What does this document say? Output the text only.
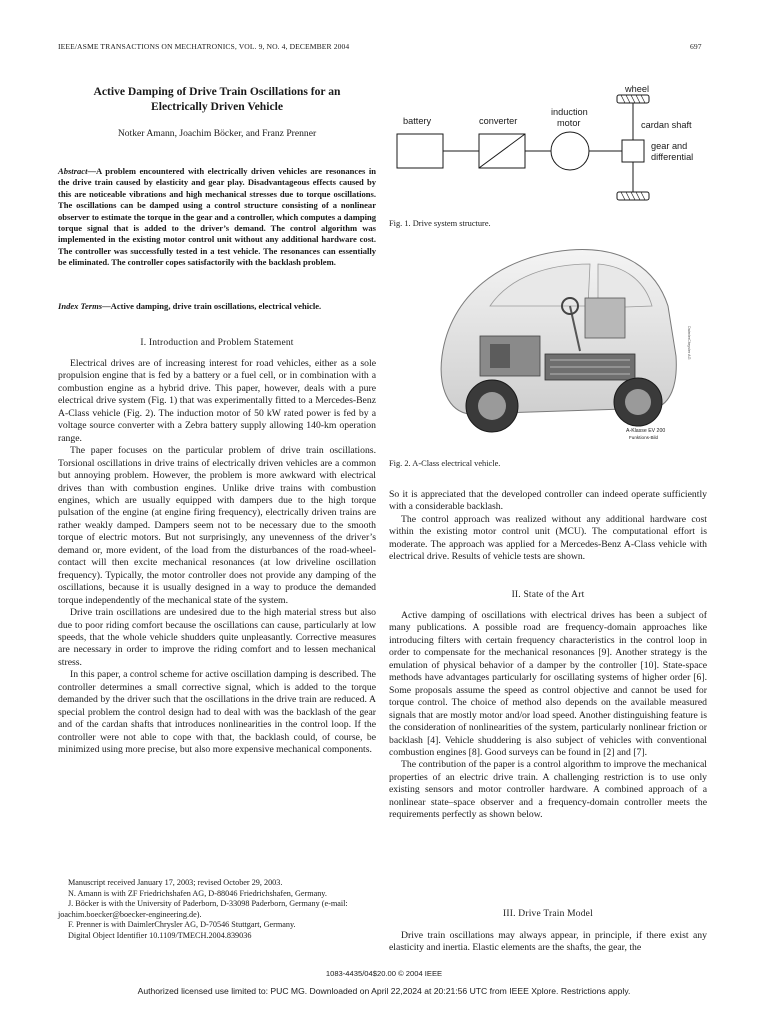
IEEE/ASME TRANSACTIONS ON MECHATRONICS, VOL. 9, NO. 4, DECEMBER 2004	697
Active Damping of Drive Train Oscillations for an
Electrically Driven Vehicle
Notker Amann, Joachim Böcker, and Franz Prenner
Abstract—A problem encountered with electrically driven vehicles are resonances in the drive train caused by elasticity and gear play. Disadvantageous effects caused by this are noticeable vibrations and high mechanical stresses due to torque oscillations. The oscillations can be damped using a control structure consisting of a nonlinear observer to estimate the torque in the gear and a controller, which computes a damping torque signal that is added to the driver’s demand. The control algorithm was implemented in the existing motor control unit without any additional hardware cost. The controller was successfully tested in a test vehicle. The resonances can essentially be eliminated. The controller copes satisfactorily with the backlash problem.
Index Terms—Active damping, drive train oscillations, electrical vehicle.
I. Introduction and Problem Statement

Electrical drives are of increasing interest for road vehicles, either as a sole propulsion engine that is fed by a battery or a fuel cell, or in combination with a combustion engine as a hybrid drive. This paper, however, deals with a pure electrical drive system (Fig. 1) that was experimentally fitted to a Mercedes-Benz A-Class vehicle (Fig. 2). The induction motor of 50 kW rated power is fed by a voltage source converter with a Zebra battery supply allowing 140-km operation range.

The paper focuses on the particular problem of drive train oscillations. Torsional oscillations in drive trains of electrically driven vehicles are a common but annoying problem. However, the problem is more awkward with electrical drives than with combustion engines. Unlike drive trains with combustion engines, which are usually equipped with dampers due to the high torque pulsation of the engine (at engine firing frequency), electrically driven trains are rather weakly damped. Dampers seem not to be necessary due to the smooth torque of electric motors. But not surprisingly, any unevenness of the driver’s demand or, more evident, of the load from the disturbances of the road-wheel-contact will then excite mechanical resonances (at low driveline oscillation frequency). Typically, the motor controller does not provide any damping of the oscillations, because it is usually designed in a way to produce the demanded torque independently of the mechanical state of the system.

Drive train oscillations are undesired due to the high material stress but also due to poor riding comfort because the oscillations can cause, particularly at low speeds, that the whole vehicle shudders quite unpleasantly. Corrective measures are necessary in order to improve the riding comfort and to lessen mechanical stress.

In this paper, a control scheme for active oscillation damping is described. The controller determines a small corrective signal, which is added to the torque demanded by the driver such that the oscillations in the drive train are reduced. A special problem the control design had to deal with was the backlash of the gear and of the cardan shafts that introduces nonlinearities in the control loop. If the controller were not able to cope with that, the backlash could, of course, be minimized using more precise, but also more expensive mechanical components.

Manuscript received January 17, 2003; revised October 29, 2003.

N. Amann is with ZF Friedrichshafen AG, D-88046 Friedrichshafen, Germany.

J. Böcker is with the University of Paderborn, D-33098 Paderborn, Germany (e-mail: joachim.boecker@boecker-engineering.de).

F. Prenner is with DaimlerChrysler AG, D-70546 Stuttgart, Germany.

Digital Object Identifier 10.1109/TMECH.2004.839036

battery	converter
induction
motor
wheel
cardan shaft
gear and
differential
Fig. 1. Drive system structure.
A-Klasse EV 200
Funktions-Bild
DaimlerChrysler AG
Fig. 2. A-Class electrical vehicle.

So it is appreciated that the developed controller can indeed operate sufficiently with a considerable backlash.

The control approach was realized without any additional hardware cost within the existing motor control unit (MCU). The computational effort is moderate. The approach was applied for a Mercedes-Benz A-Class vehicle with electrical drive. Results of vehicle tests are shown.

II. State of the Art

Active damping of oscillations with electrical drives has been a subject of many publications. A possible road are frequency-domain approaches like introducing filters with certain frequency characteristics in the control loop in order to compensate for the mechanical resonances [9]. Another strategy is the emulation of physical behavior of a damper by the controller [10]. State-space methods have advantages particularly for oscillating systems of higher order [6]. Some proposals assume the speed as control objective and cannot be used for torque control. The choice of method also depends on the available measured signals that are mostly motor and/or load speed. Another distinguishing feature is the consideration of nonlinearities of the system, particularly nonlinear friction or backlash [4]. Vehicle shuddering is also subject of vehicles with conventional combustion engines [8]. Good surveys can be found in [2] and [7].

The contribution of the paper is a control algorithm to improve the mechanical properties of an electric drive train. A challenging restriction is to use only existing sensors and motor controller hardware. A combined approach of a nonlinear state–space observer and a frequency-domain controller meets the requirements perfectly as shown below.

III. Drive Train Model

Drive train oscillations may always appear, in principle, if there exist any elasticity and inertia. Elastic elements are the shafts, the gear, the

1083-4435/04$20.00 © 2004 IEEE
Authorized licensed use limited to: PUC MG. Downloaded on April 22,2024 at 20:21:56 UTC from IEEE Xplore. Restrictions apply.
